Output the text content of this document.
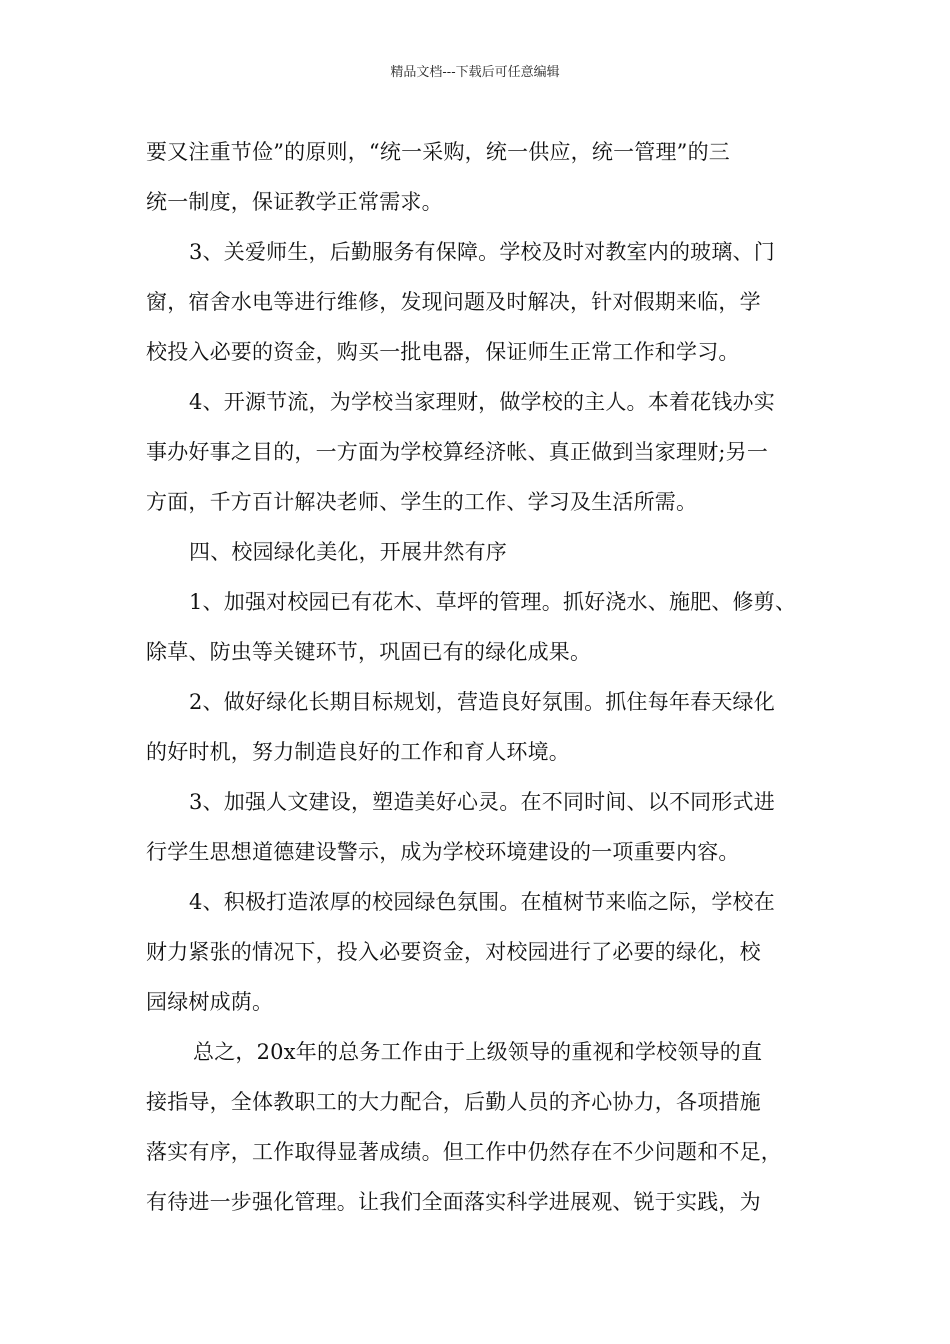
精品文档---下载后可任意编辑
要又注重节俭”的原则，“统一采购，统一供应，统一管理”的三
统一制度，保证教学正常需求。
3、关爱师生，后勤服务有保障。学校及时对教室内的玻璃、门
窗，宿舍水电等进行维修，发现问题及时解决，针对假期来临，学
校投入必要的资金，购买一批电器，保证师生正常工作和学习。
4、开源节流，为学校当家理财，做学校的主人。本着花钱办实
事办好事之目的，一方面为学校算经济帐、真正做到当家理财;另一
方面，千方百计解决老师、学生的工作、学习及生活所需。
四、校园绿化美化，开展井然有序
1、加强对校园已有花木、草坪的管理。抓好浇水、施肥、修剪、
除草、防虫等关键环节，巩固已有的绿化成果。
2、做好绿化长期目标规划，营造良好氛围。抓住每年春天绿化
的好时机，努力制造良好的工作和育人环境。
3、加强人文建设，塑造美好心灵。在不同时间、以不同形式进
行学生思想道德建设警示，成为学校环境建设的一项重要内容。
4、积极打造浓厚的校园绿色氛围。在植树节来临之际，学校在
财力紧张的情况下，投入必要资金，对校园进行了必要的绿化，校
园绿树成荫。
总之，20x年的总务工作由于上级领导的重视和学校领导的直
接指导，全体教职工的大力配合，后勤人员的齐心协力，各项措施
落实有序，工作取得显著成绩。但工作中仍然存在不少问题和不足，
有待进一步强化管理。让我们全面落实科学进展观、锐于实践，为
